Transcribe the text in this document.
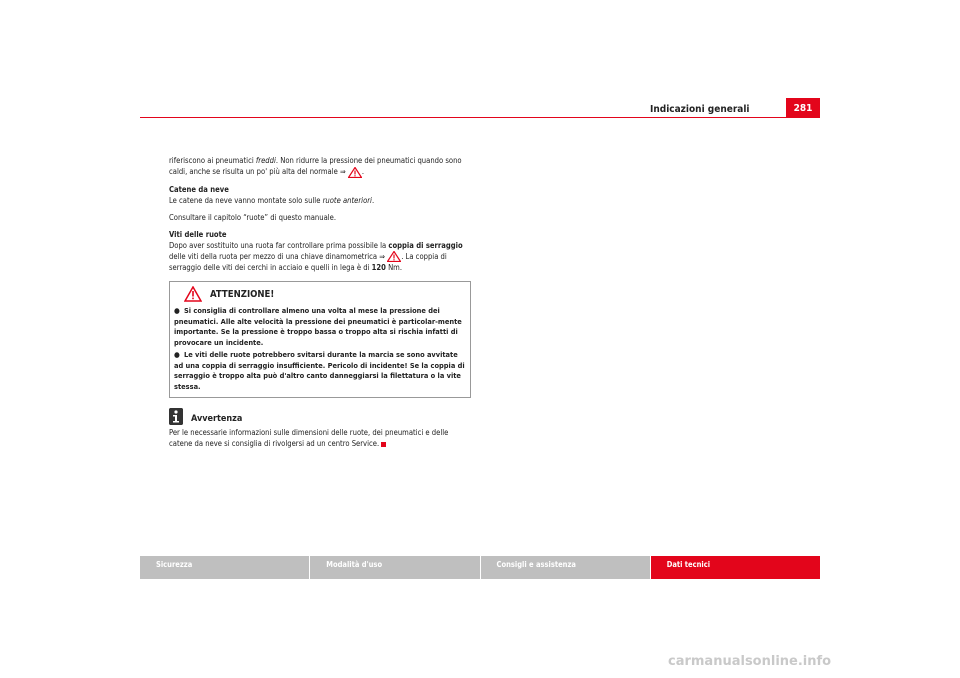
Indicazioni generali	281

riferiscono ai pneumatici freddi. Non ridurre la pressione dei pneumatici quando sono caldi, anche se risulta un po' più alta del normale ⇒
.

Catene da neve
Le catene da neve vanno montate solo sulle ruote anteriori.

Consultare il capitolo “ruote” di questo manuale.

Viti delle ruote
Dopo aver sostituito una ruota far controllare prima possibile la coppia di serraggio delle viti della ruota per mezzo di una chiave dinamometrica ⇒
. La coppia di serraggio delle viti dei cerchi in acciaio e quelli in lega è di 120 Nm.

ATTENZIONE!
● Si consiglia di controllare almeno una volta al mese la pressione dei pneumatici. Alle alte velocità la pressione dei pneumatici è particolar-mente importante. Se la pressione è troppo bassa o troppo alta si rischia infatti di provocare un incidente.
● Le viti delle ruote potrebbero svitarsi durante la marcia se sono avvitate ad una coppia di serraggio insufficiente. Pericolo di incidente! Se la coppia di serraggio è troppo alta può d'altro canto danneggiarsi la filettatura o la vite stessa.
Avvertenza

Per le necessarie informazioni sulle dimensioni delle ruote, dei pneumatici e delle catene da neve si consiglia di rivolgersi ad un centro Service.

Sicurezza	Modalità d'uso	Consigli e assistenza	Dati tecnici
carmanualsonline.info
